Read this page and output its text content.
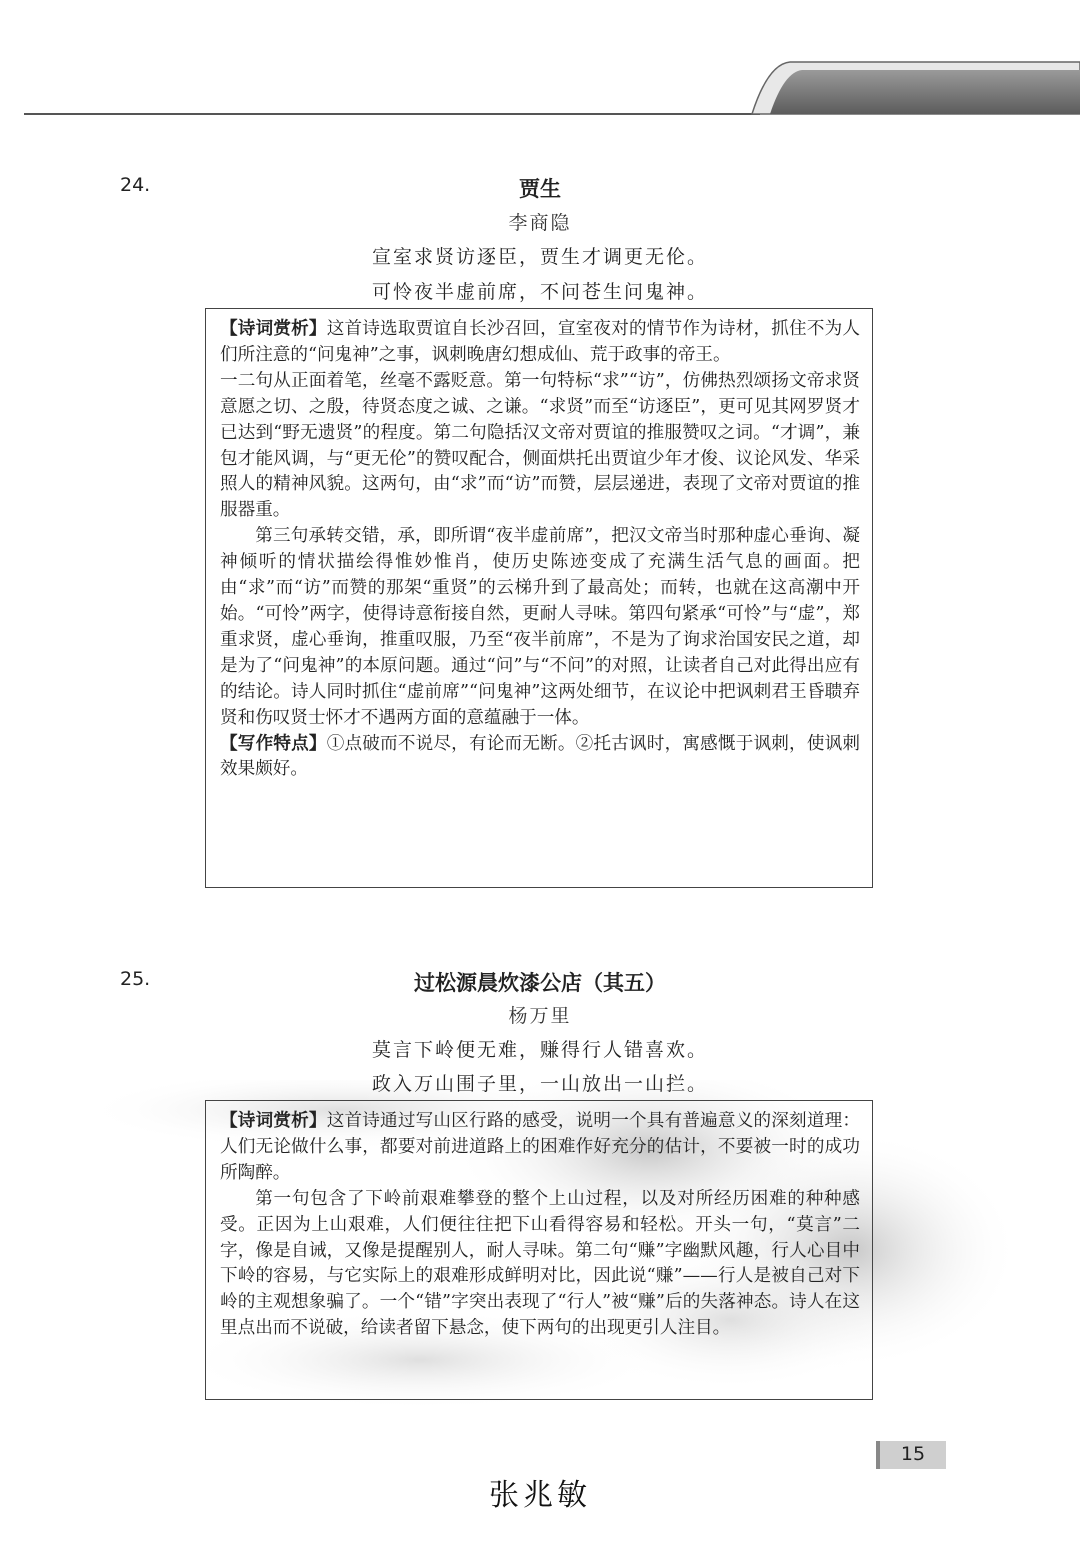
24.	贾生
李商隐
宣室求贤访逐臣，贾生才调更无伦。
可怜夜半虚前席，不问苍生问鬼神。

【诗词赏析】这首诗选取贾谊自长沙召回，宣室夜对的情节作为诗材，抓住不为人们所注意的“问鬼神”之事，讽刺晚唐幻想成仙、荒于政事的帝王。

一二句从正面着笔，丝毫不露贬意。第一句特标“求”“访”，仿佛热烈颂扬文帝求贤意愿之切、之殷，待贤态度之诚、之谦。“求贤”而至“访逐臣”，更可见其网罗贤才已达到“野无遗贤”的程度。第二句隐括汉文帝对贾谊的推服赞叹之词。“才调”，兼包才能风调，与“更无伦”的赞叹配合，侧面烘托出贾谊少年才俊、议论风发、华采照人的精神风貌。这两句，由“求”而“访”而赞，层层递进，表现了文帝对贾谊的推服器重。

第三句承转交错，承，即所谓“夜半虚前席”，把汉文帝当时那种虚心垂询、凝神倾听的情状描绘得惟妙惟肖，使历史陈迹变成了充满生活气息的画面。把由“求”而“访”而赞的那架“重贤”的云梯升到了最高处；而转，也就在这高潮中开始。“可怜”两字，使得诗意衔接自然，更耐人寻味。第四句紧承“可怜”与“虚”，郑重求贤，虚心垂询，推重叹服，乃至“夜半前席”，不是为了询求治国安民之道，却是为了“问鬼神”的本原问题。通过“问”与“不问”的对照，让读者自己对此得出应有的结论。诗人同时抓住“虚前席”“问鬼神”这两处细节，在议论中把讽刺君王昏聩弃贤和伤叹贤士怀才不遇两方面的意蕴融于一体。

【写作特点】①点破而不说尽，有论而无断。②托古讽时，寓感慨于讽刺，使讽刺效果颇好。

25.	过松源晨炊漆公店（其五）
杨万里
莫言下岭便无难，赚得行人错喜欢。
政入万山围子里，一山放出一山拦。

【诗词赏析】这首诗通过写山区行路的感受，说明一个具有普遍意义的深刻道理：人们无论做什么事，都要对前进道路上的困难作好充分的估计，不要被一时的成功所陶醉。

第一句包含了下岭前艰难攀登的整个上山过程，以及对所经历困难的种种感受。正因为上山艰难，人们便往往把下山看得容易和轻松。开头一句，“莫言”二字，像是自诫，又像是提醒别人，耐人寻味。第二句“赚”字幽默风趣，行人心目中下岭的容易，与它实际上的艰难形成鲜明对比，因此说“赚”——行人是被自己对下岭的主观想象骗了。一个“错”字突出表现了“行人”被“赚”后的失落神态。诗人在这里点出而不说破，给读者留下悬念，使下两句的出现更引人注目。

15
张兆敏
